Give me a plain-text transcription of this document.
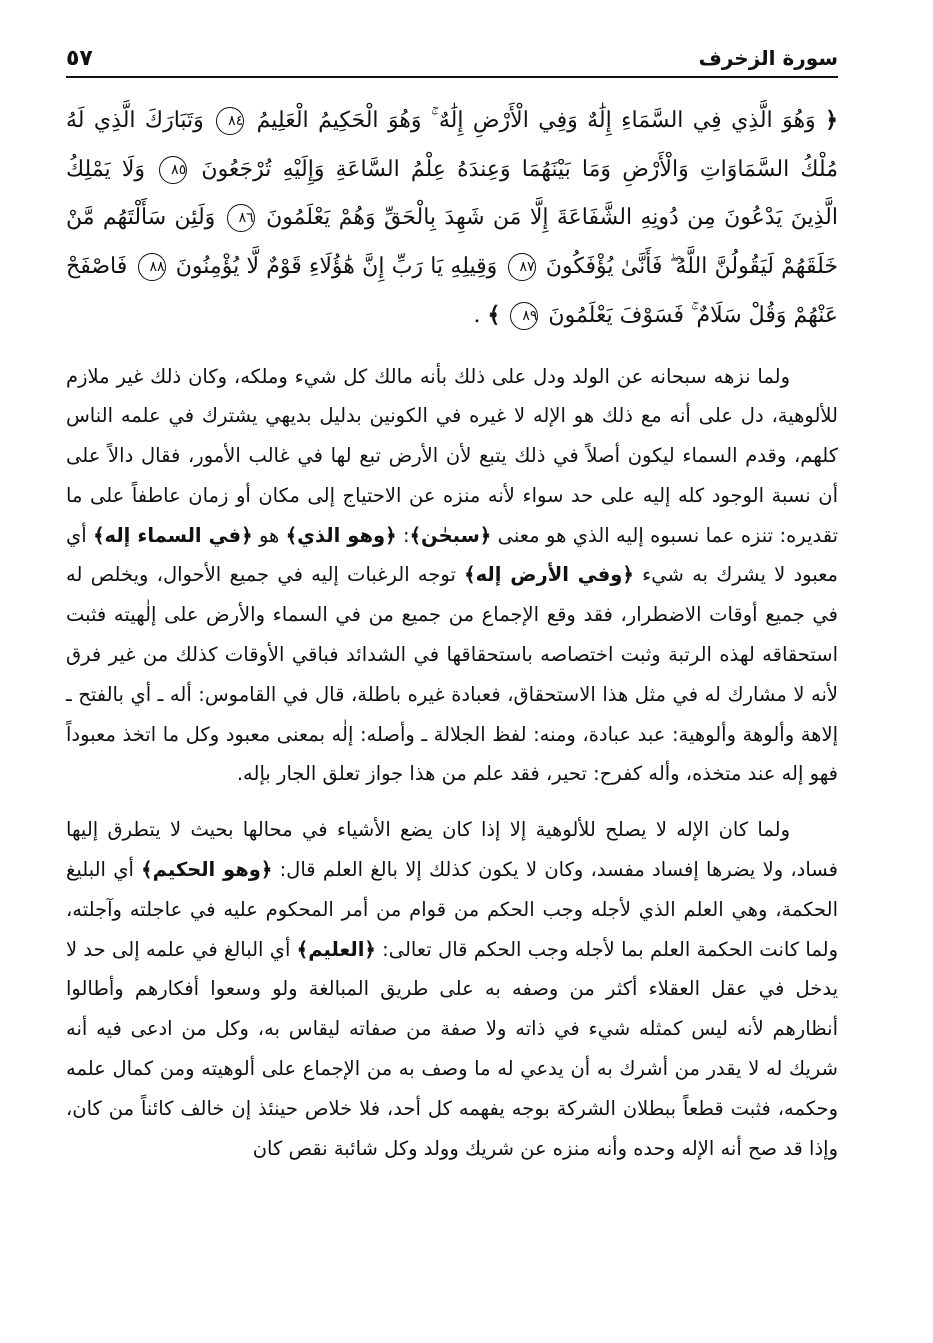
سورة الزخرف
٥٧
﴿ وَهُوَ الَّذِي فِي السَّمَاءِ إِلَٰهٌ وَفِي الْأَرْضِ إِلَٰهٌ ۚ وَهُوَ الْحَكِيمُ الْعَلِيمُ ٨٤ وَتَبَارَكَ الَّذِي لَهُ مُلْكُ السَّمَاوَاتِ وَالْأَرْضِ وَمَا بَيْنَهُمَا وَعِندَهُ عِلْمُ السَّاعَةِ وَإِلَيْهِ تُرْجَعُونَ ٨٥ وَلَا يَمْلِكُ الَّذِينَ يَدْعُونَ مِن دُونِهِ الشَّفَاعَةَ إِلَّا مَن شَهِدَ بِالْحَقِّ وَهُمْ يَعْلَمُونَ ٨٦ وَلَئِن سَأَلْتَهُم مَّنْ خَلَقَهُمْ لَيَقُولُنَّ اللَّهُ ۖ فَأَنَّىٰ يُؤْفَكُونَ ٨٧ وَقِيلِهِ يَا رَبِّ إِنَّ هَٰؤُلَاءِ قَوْمٌ لَّا يُؤْمِنُونَ ٨٨ فَاصْفَحْ عَنْهُمْ وَقُلْ سَلَامٌ ۚ فَسَوْفَ يَعْلَمُونَ ٨٩ ﴾ .

ولما نزهه سبحانه عن الولد ودل على ذلك بأنه مالك كل شيء وملكه، وكان ذلك غير ملازم للألوهية، دل على أنه مع ذلك هو الإله لا غيره في الكونين بدليل بديهي يشترك في علمه الناس كلهم، وقدم السماء ليكون أصلاً في ذلك يتبع لأن الأرض تبع لها في غالب الأمور، فقال دالاً على أن نسبة الوجود كله إليه على حد سواء لأنه منزه عن الاحتياج إلى مكان أو زمان عاطفاً على ما تقديره: تنزه عما نسبوه إليه الذي هو معنى ﴿سبحٰن﴾: ﴿وهو الذي﴾ هو ﴿في السماء إله﴾ أي معبود لا يشرك به شيء ﴿وفي الأرض إله﴾ توجه الرغبات إليه في جميع الأحوال، ويخلص له في جميع أوقات الاضطرار، فقد وقع الإجماع من جميع من في السماء والأرض على إلٰهيته فثبت استحقاقه لهذه الرتبة وثبت اختصاصه باستحقاقها في الشدائد فباقي الأوقات كذلك من غير فرق لأنه لا مشارك له في مثل هذا الاستحقاق، فعبادة غيره باطلة، قال في القاموس: أله ـ أي بالفتح ـ إلاهة وألوهة وألوهية: عبد عبادة، ومنه: لفظ الجلالة ـ وأصله: إلٰه بمعنى معبود وكل ما اتخذ معبوداً فهو إله عند متخذه، وأله كفرح: تحير، فقد علم من هذا جواز تعلق الجار بإله.

ولما كان الإله لا يصلح للألوهية إلا إذا كان يضع الأشياء في محالها بحيث لا يتطرق إليها فساد، ولا يضرها إفساد مفسد، وكان لا يكون كذلك إلا بالغ العلم قال: ﴿وهو الحكيم﴾ أي البليغ الحكمة، وهي العلم الذي لأجله وجب الحكم من قوام من أمر المحكوم عليه في عاجلته وآجلته، ولما كانت الحكمة العلم بما لأجله وجب الحكم قال تعالى: ﴿العليم﴾ أي البالغ في علمه إلى حد لا يدخل في عقل العقلاء أكثر من وصفه به على طريق المبالغة ولو وسعوا أفكارهم وأطالوا أنظارهم لأنه ليس كمثله شيء في ذاته ولا صفة من صفاته ليقاس به، وكل من ادعى فيه أنه شريك له لا يقدر من أشرك به أن يدعي له ما وصف به من الإجماع على ألوهيته ومن كمال علمه وحكمه، فثبت قطعاً ببطلان الشركة بوجه يفهمه كل أحد، فلا خلاص حينئذ إن خالف كائناً من كان، وإذا قد صح أنه الإله وحده وأنه منزه عن شريك وولد وكل شائبة نقص كان
